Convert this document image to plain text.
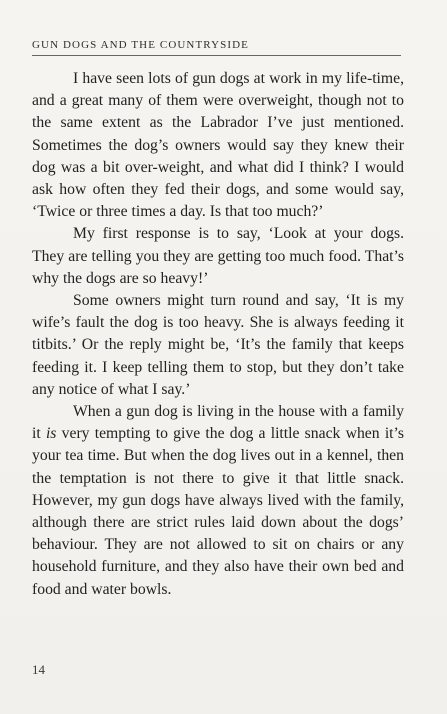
GUN DOGS AND THE COUNTRYSIDE

I have seen lots of gun dogs at work in my life-time, and a great many of them were overweight, though not to the same extent as the Labrador I’ve just mentioned. Sometimes the dog’s owners would say they knew their dog was a bit over-weight, and what did I think? I would ask how often they fed their dogs, and some would say, ‘Twice or three times a day. Is that too much?’

My first response is to say, ‘Look at your dogs. They are telling you they are getting too much food. That’s why the dogs are so heavy!’

Some owners might turn round and say, ‘It is my wife’s fault the dog is too heavy. She is always feeding it titbits.’ Or the reply might be, ‘It’s the family that keeps feeding it. I keep telling them to stop, but they don’t take any notice of what I say.’

When a gun dog is living in the house with a family it is very tempting to give the dog a little snack when it’s your tea time. But when the dog lives out in a kennel, then the temptation is not there to give it that little snack. However, my gun dogs have always lived with the family, although there are strict rules laid down about the dogs’ behaviour. They are not allowed to sit on chairs or any household furniture, and they also have their own bed and food and water bowls.

14
